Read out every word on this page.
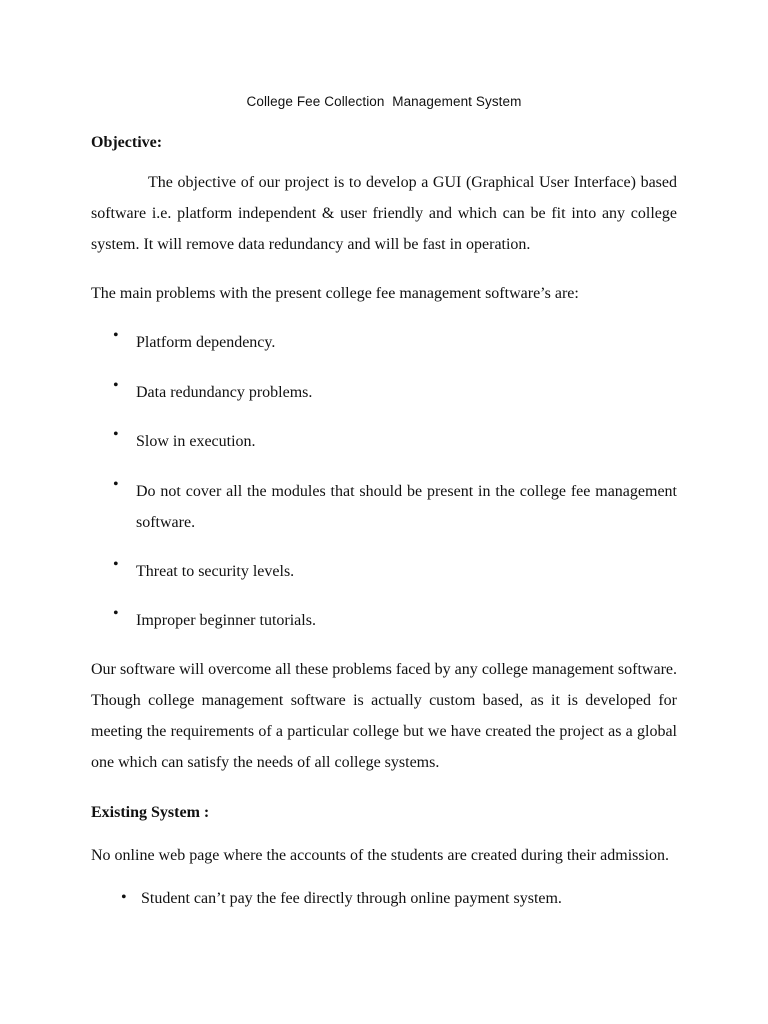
College Fee Collection  Management System
Objective:
The objective of our project is to develop a GUI (Graphical User Interface) based software i.e. platform independent & user friendly and which can be fit into any college system. It will remove data redundancy and will be fast in operation.
The main problems with the present college fee management software’s are:
• Platform dependency.
• Data redundancy problems.
• Slow in execution.
• Do not cover all the modules that should be present in the college fee management software.
• Threat to security levels.
• Improper beginner tutorials.
Our software will overcome all these problems faced by any college management software. Though college management software is actually custom based, as it is developed for meeting the requirements of a particular college but we have created the project as a global one which can satisfy the needs of all college systems.
Existing System :
No online web page where the accounts of the students are created during their admission.
• Student can’t pay the fee directly through online payment system.
